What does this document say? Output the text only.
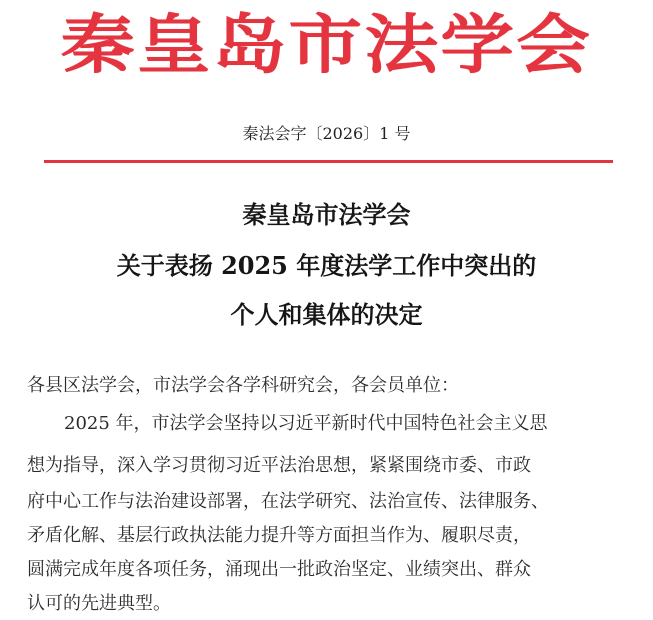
秦皇岛市法学会
秦法会字〔2026〕1 号
秦皇岛市法学会
关于表扬 2025 年度法学工作中突出的
个人和集体的决定

各县区法学会，市法学会各学科研究会，各会员单位：

2025 年，市法学会坚持以习近平新时代中国特色社会主义思

想为指导，深入学习贯彻习近平法治思想，紧紧围绕市委、市政

府中心工作与法治建设部署，在法学研究、法治宣传、法律服务、

矛盾化解、基层行政执法能力提升等方面担当作为、履职尽责，

圆满完成年度各项任务，涌现出一批政治坚定、业绩突出、群众

认可的先进典型。
